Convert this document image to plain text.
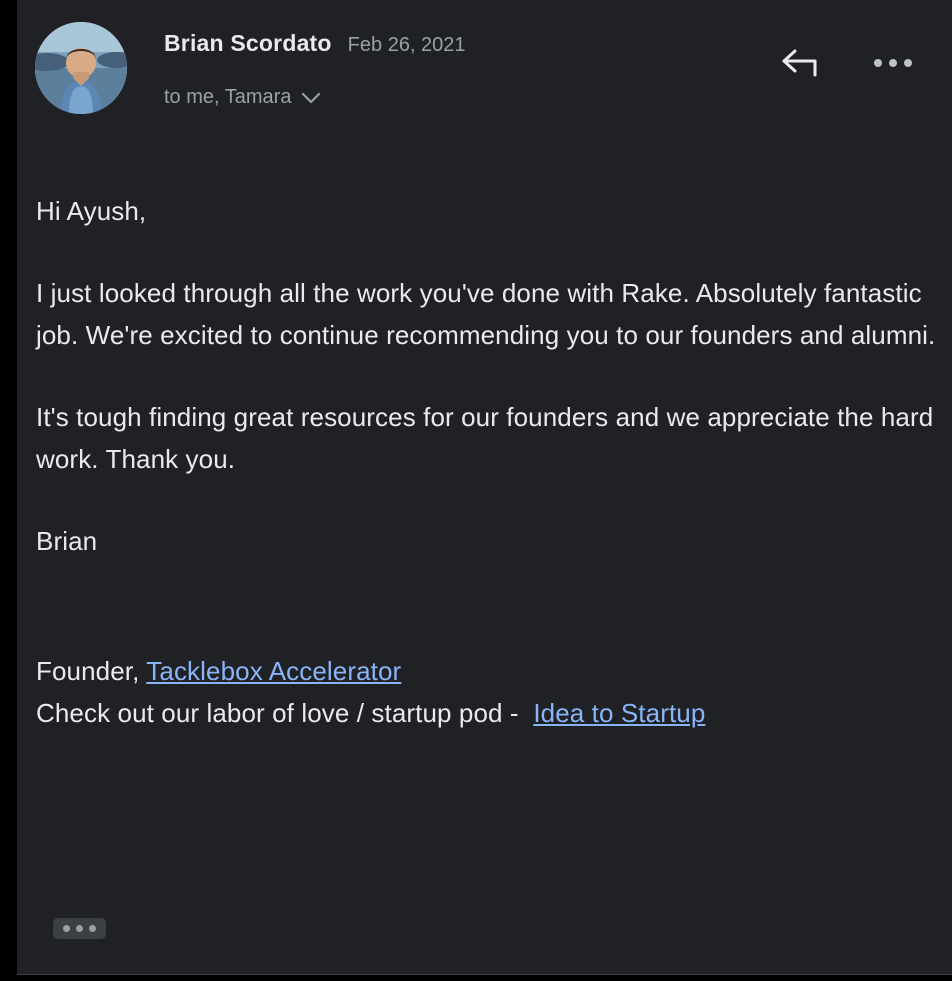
Brian Scordato Feb 26, 2021
to me, Tamara

Hi Ayush,

I just looked through all the work you've done with Rake. Absolutely fantastic job. We're excited to continue recommending you to our founders and alumni.

It's tough finding great resources for our founders and we appreciate the hard work. Thank you.

Brian

Founder, Tacklebox Accelerator

Check out our labor of love / startup pod -  Idea to Startup
